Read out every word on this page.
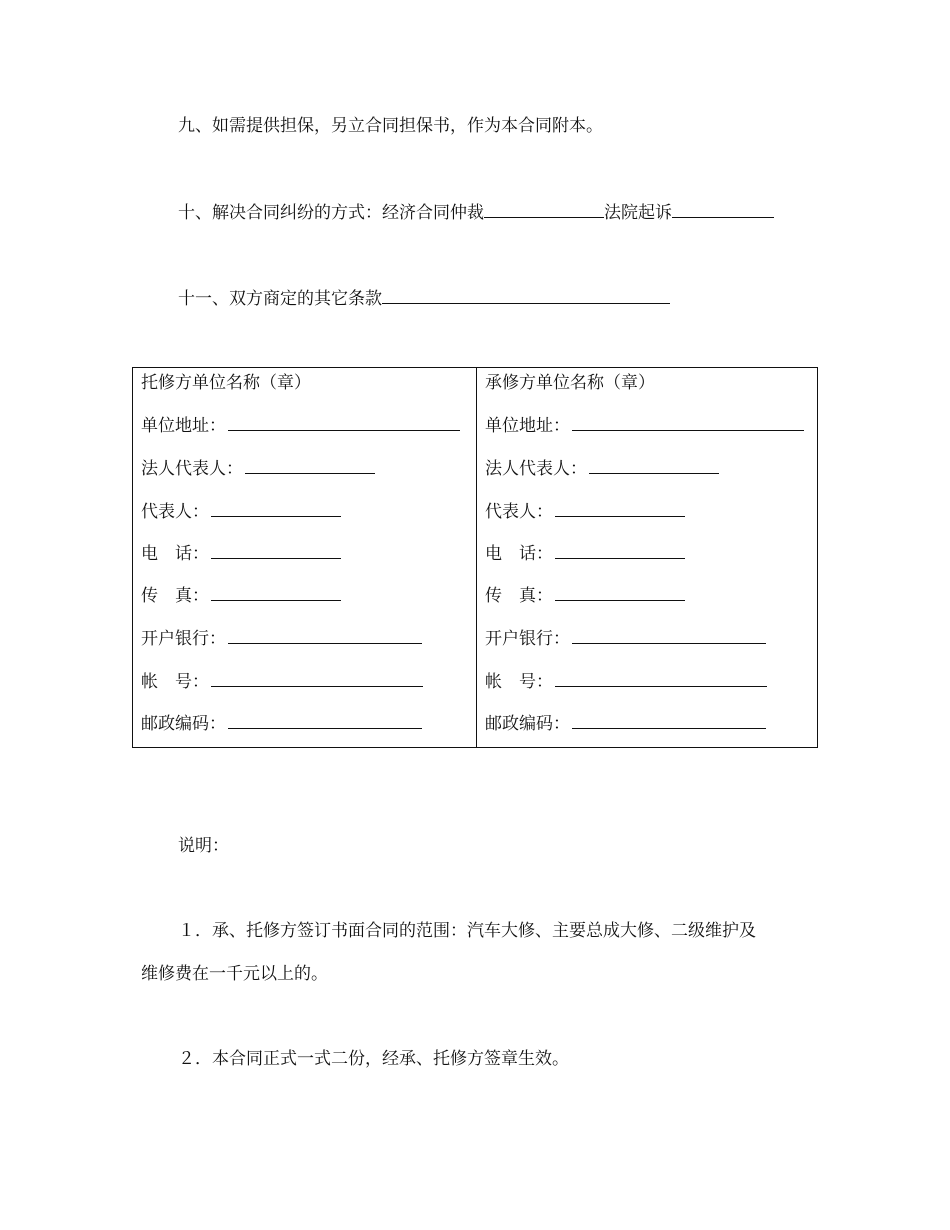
九、如需提供担保，另立合同担保书，作为本合同附本。
十、解决合同纠纷的方式：经济合同仲裁	法院起诉
十一、双方商定的其它条款
托修方单位名称（章）
单位地址：
法人代表人：
代表人：
电　话：
传　真：
开户银行：
帐　号：
邮政编码：
承修方单位名称（章）
单位地址：
法人代表人：
代表人：
电　话：
传　真：
开户银行：
帐　号：
邮政编码：
说明：
１．承、托修方签订书面合同的范围：汽车大修、主要总成大修、二级维护及
维修费在一千元以上的。
２．本合同正式一式二份，经承、托修方签章生效。
